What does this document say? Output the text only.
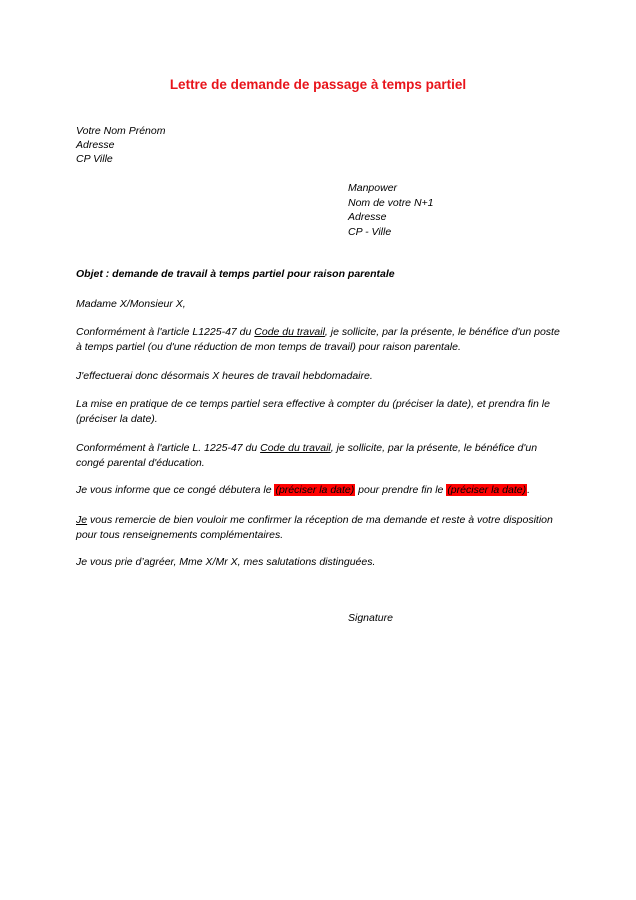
Lettre de demande de passage à temps partiel
Votre Nom Prénom
Adresse
CP Ville
Manpower
Nom de votre N+1
Adresse
CP - Ville
Objet : demande de travail à temps partiel pour raison parentale
Madame X/Monsieur X,
Conformément à l'article L1225-47 du Code du travail, je sollicite, par la présente, le bénéfice d'un poste à temps partiel (ou d'une réduction de mon temps de travail) pour raison parentale.
J'effectuerai donc désormais X heures de travail hebdomadaire.
La mise en pratique de ce temps partiel sera effective à compter du (préciser la date), et prendra fin le (préciser la date).
Conformément à l'article L. 1225-47 du Code du travail, je sollicite, par la présente, le bénéfice d'un congé parental d'éducation.
Je vous informe que ce congé débutera le (préciser la date) pour prendre fin le (préciser la date).
Je vous remercie de bien vouloir me confirmer la réception de ma demande et reste à votre disposition pour tous renseignements complémentaires.
Je vous prie d’agréer, Mme X/Mr X, mes salutations distinguées.
Signature
